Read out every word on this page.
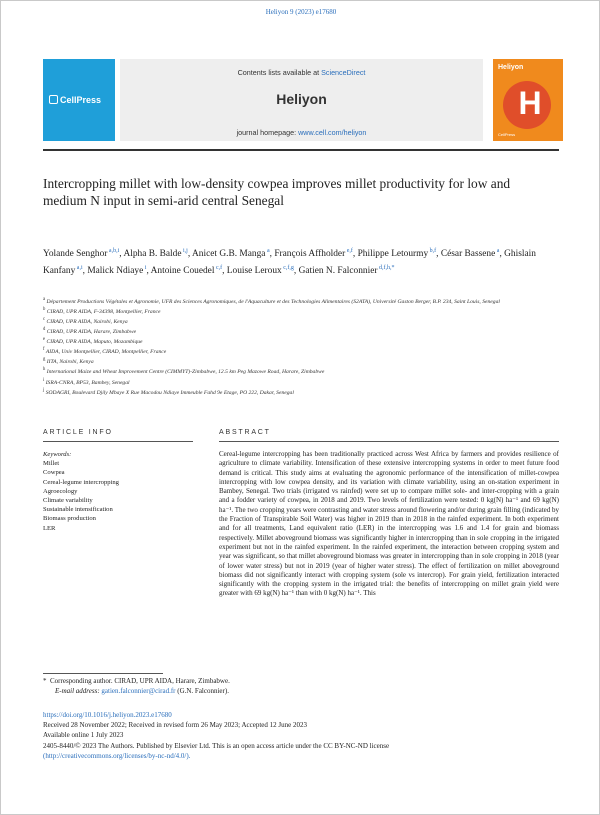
Heliyon 9 (2023) e17680
CellPress
Contents lists available at ScienceDirect
Heliyon
journal homepage: www.cell.com/heliyon
Heliyon
H
CellPress
Intercropping millet with low-density cowpea improves millet productivity for low and medium N input in semi-arid central Senegal
Yolande Senghor $^{a,b,i}$, Alpha B. Balde $^{i,j}$, Anicet G.B. Manga $^a$, François Affholder $^{e,f}$, Philippe Letourmy $^{b,f}$, César Bassene $^a$, Ghislain Kanfany $^{a,i}$, Malick Ndiaye $^i$, Antoine Couedel $^{c,f}$, Louise Leroux $^{c,f,g}$, Gatien N. Falconnier $^{d,f,h,*}$
$^a$ Département Productions Végétales et Agronomie, UFR des Sciences Agronomiques, de l'Aquaculture et des Technologies Alimentaires (S2ATA), Université Gaston Berger, B.P. 234, Saint Louis, Senegal
$^b$ CIRAD, UPR AIDA, F-34398, Montpellier, France
$^c$ CIRAD, UPR AIDA, Nairobi, Kenya
$^d$ CIRAD, UPR AIDA, Harare, Zimbabwe
$^e$ CIRAD, UPR AIDA, Maputo, Mozambique
$^f$ AIDA, Univ Montpellier, CIRAD, Montpellier, France
$^g$ IITA, Nairobi, Kenya
$^h$ International Maize and Wheat Improvement Centre (CIMMYT)-Zimbabwe, 12.5 km Peg Mazowe Road, Harare, Zimbabwe
$^i$ ISRA-CNRA, BP53, Bambey, Senegal
$^j$ SODAGRI, Boulevard Djily Mbaye X Rue Macodou Ndiaye Immeuble Fahd 9e Etage, PO 222, Dakar, Senegal
ARTICLE INFO	ABSTRACT
Keywords:
Millet
Cowpea
Cereal-legume intercropping
Agroecology
Climate variability
Sustainable intensification
Biomass production
LER
Cereal-legume intercropping has been traditionally practiced across West Africa by farmers and provides resilience of agriculture to climate variability. Intensification of these extensive intercropping systems in order to meet future food demand is critical. This study aims at evaluating the agronomic performance of the intensification of millet-cowpea intercropping with low cowpea density, and its variation with climate variability, using an on-station experiment in Bambey, Senegal. Two trials (irrigated vs rainfed) were set up to compare millet sole- and inter-cropping with a grain and a fodder variety of cowpea, in 2018 and 2019. Two levels of fertilization were tested: 0 kg(N) ha⁻¹ and 69 kg(N) ha⁻¹. The two cropping years were contrasting and water stress around flowering and/or during grain filling (indicated by the Fraction of Transpirable Soil Water) was higher in 2019 than in 2018 in the rainfed experiment. In both experiment and for all treatments, Land equivalent ratio (LER) in the intercropping was 1.6 and 1.4 for grain and biomass respectively. Millet aboveground biomass was significantly higher in intercropping than in sole cropping in the irrigated experiment but not in the rainfed experiment. In the rainfed experiment, the interaction between cropping system and year was significant, so that millet aboveground biomass was greater in intercropping than in sole cropping in 2018 (year of lower water stress) but not in 2019 (year of higher water stress). The effect of fertilization on millet aboveground biomass did not significantly interact with cropping system (sole vs intercrop). For grain yield, fertilization interacted significantly with the cropping system in the irrigated trial: the benefits of intercropping on millet grain yield were greater with 69 kg(N) ha⁻¹ than with 0 kg(N) ha⁻¹. This
* Corresponding author. CIRAD, UPR AIDA, Harare, Zimbabwe.
E-mail address: gatien.falconnier@cirad.fr (G.N. Falconnier).
https://doi.org/10.1016/j.heliyon.2023.e17680
Received 28 November 2022; Received in revised form 26 May 2023; Accepted 12 June 2023
Available online 1 July 2023
2405-8440/© 2023 The Authors. Published by Elsevier Ltd. This is an open access article under the CC BY-NC-ND license
(http://creativecommons.org/licenses/by-nc-nd/4.0/).
